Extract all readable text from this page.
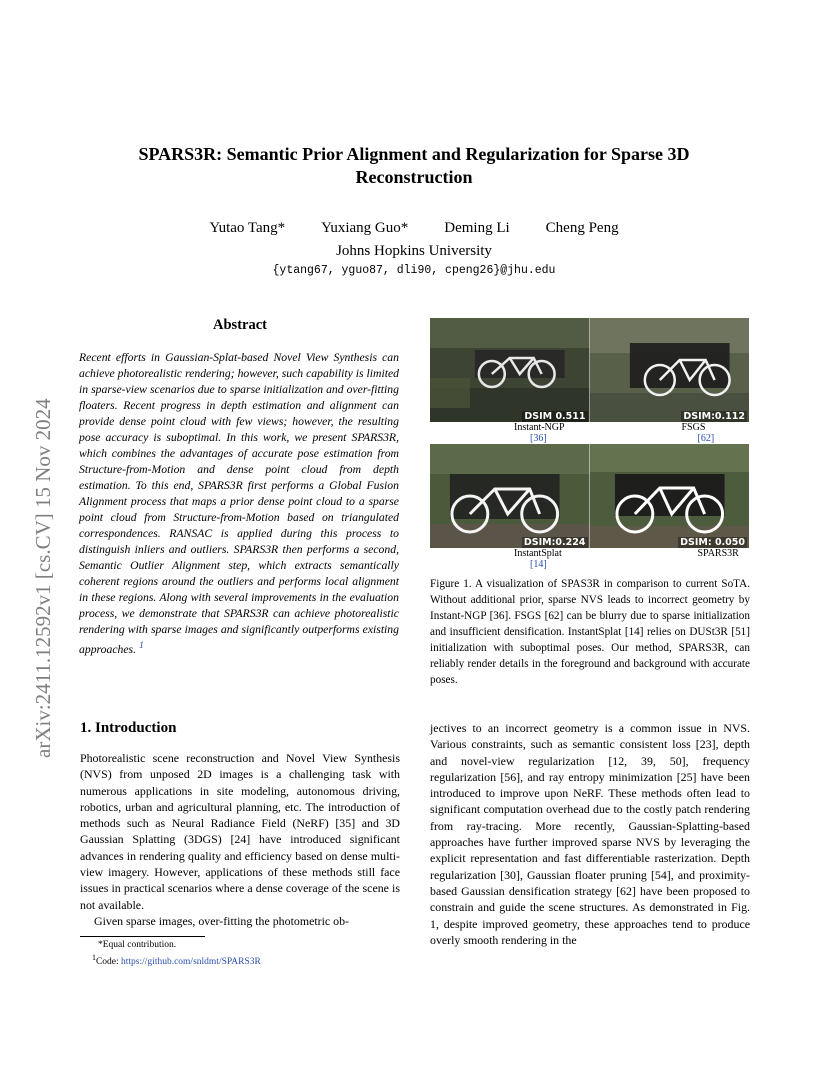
arXiv:2411.12592v1 [cs.CV] 15 Nov 2024
SPARS3R: Semantic Prior Alignment and Regularization for Sparse 3D Reconstruction
Yutao Tang* Yuxiang Guo* Deming Li Cheng Peng
Johns Hopkins University
{ytang67, yguo87, dli90, cpeng26}@jhu.edu
Abstract
Recent efforts in Gaussian-Splat-based Novel View Synthesis can achieve photorealistic rendering; however, such capability is limited in sparse-view scenarios due to sparse initialization and over-fitting floaters. Recent progress in depth estimation and alignment can provide dense point cloud with few views; however, the resulting pose accuracy is suboptimal. In this work, we present SPARS3R, which combines the advantages of accurate pose estimation from Structure-from-Motion and dense point cloud from depth estimation. To this end, SPARS3R first performs a Global Fusion Alignment process that maps a prior dense point cloud to a sparse point cloud from Structure-from-Motion based on triangulated correspondences. RANSAC is applied during this process to distinguish inliers and outliers. SPARS3R then performs a second, Semantic Outlier Alignment step, which extracts semantically coherent regions around the outliers and performs local alignment in these regions. Along with several improvements in the evaluation process, we demonstrate that SPARS3R can achieve photorealistic rendering with sparse images and significantly outperforms existing approaches. $^1$
DSIM 0.511	DSIM:0.112
Instant-NGP [36]
FSGS [62]
DSIM:0.224	DSIM: 0.050
InstantSplat [14]
SPARS3R
Figure 1. A visualization of SPAS3R in comparison to current SoTA. Without additional prior, sparse NVS leads to incorrect geometry by Instant-NGP [36]. FSGS [62] can be blurry due to sparse initialization and insufficient densification. InstantSplat [14] relies on DUSt3R [51] initialization with suboptimal poses. Our method, SPARS3R, can reliably render details in the foreground and background with accurate poses.
1. Introduction

Photorealistic scene reconstruction and Novel View Synthesis (NVS) from unposed 2D images is a challenging task with numerous applications in site modeling, autonomous driving, robotics, urban and agricultural planning, etc. The introduction of methods such as Neural Radiance Field (NeRF) [35] and 3D Gaussian Splatting (3DGS) [24] have introduced significant advances in rendering quality and efficiency based on dense multi-view imagery. However, applications of these methods still face issues in practical scenarios where a dense coverage of the scene is not available.

Given sparse images, over-fitting the photometric ob-

jectives to an incorrect geometry is a common issue in NVS. Various constraints, such as semantic consistent loss [23], depth and novel-view regularization [12, 39, 50], frequency regularization [56], and ray entropy minimization [25] have been introduced to improve upon NeRF. These methods often lead to significant computation overhead due to the costly patch rendering from ray-tracing. More recently, Gaussian-Splatting-based approaches have further improved sparse NVS by leveraging the explicit representation and fast differentiable rasterization. Depth regularization [30], Gaussian floater pruning [54], and proximity-based Gaussian densification strategy [62] have been proposed to constrain and guide the scene structures. As demonstrated in Fig. 1, despite improved geometry, these approaches tend to produce overly smooth rendering in the
*Equal contribution.
$^1$Code: https://github.com/snldmt/SPARS3R
